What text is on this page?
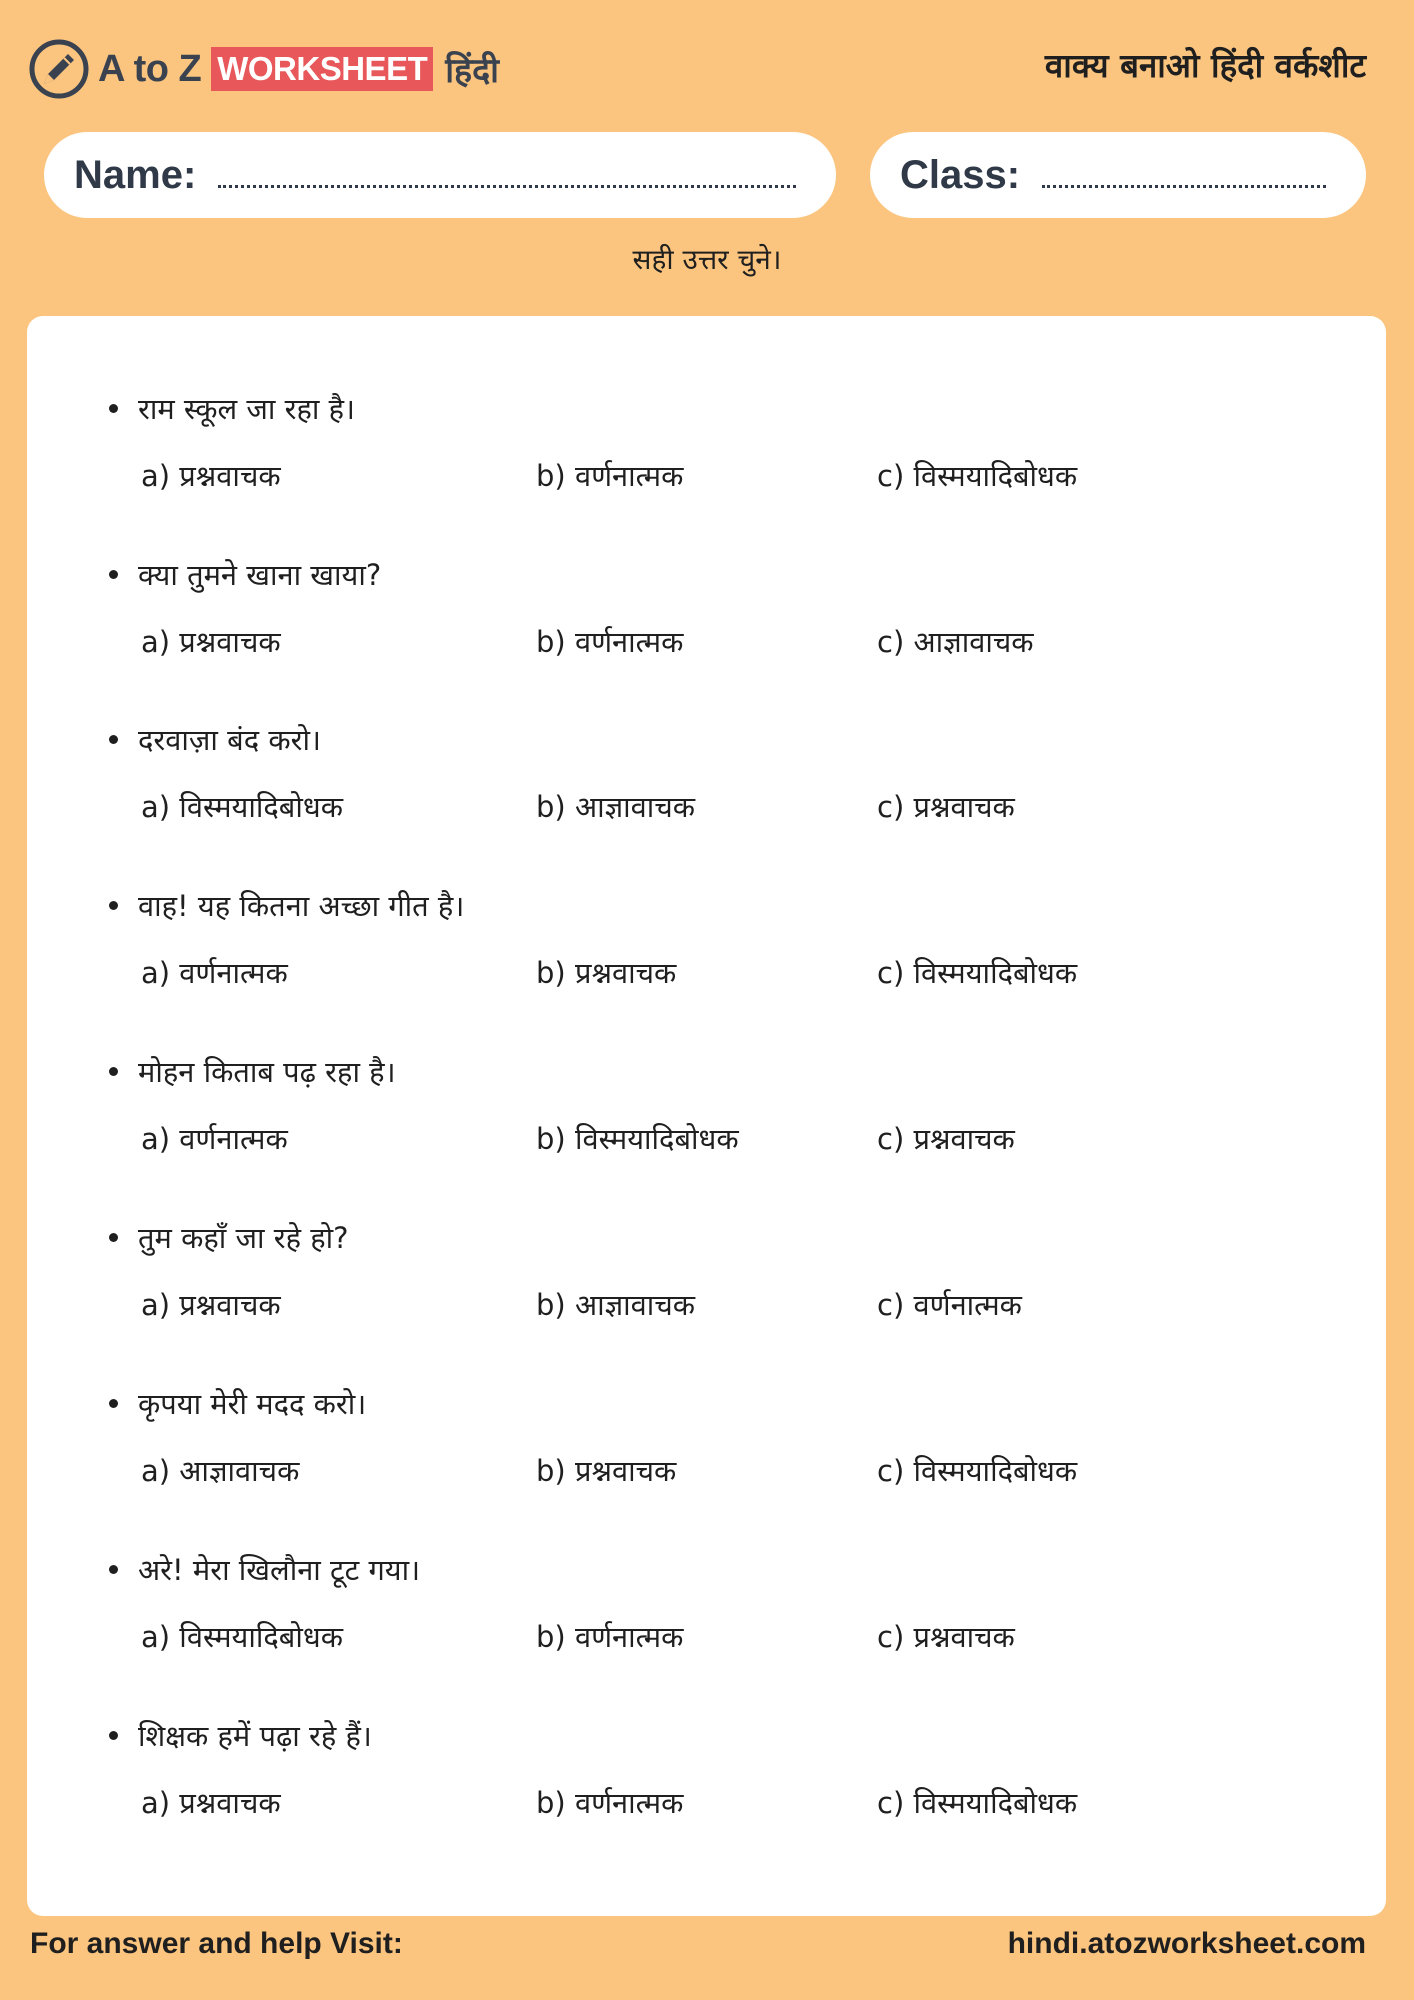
A to Z WORKSHEET हिंदी	वाक्य बनाओ हिंदी वर्कशीट
Name:	Class:
सही उत्तर चुने।
राम स्कूल जा रहा है।
a) प्रश्नवाचक	b) वर्णनात्मक	c) विस्मयादिबोधक
क्या तुमने खाना खाया?
a) प्रश्नवाचक	b) वर्णनात्मक	c) आज्ञावाचक
दरवाज़ा बंद करो।
a) विस्मयादिबोधक	b) आज्ञावाचक	c) प्रश्नवाचक
वाह! यह कितना अच्छा गीत है।
a) वर्णनात्मक	b) प्रश्नवाचक	c) विस्मयादिबोधक
मोहन किताब पढ़ रहा है।
a) वर्णनात्मक	b) विस्मयादिबोधक	c) प्रश्नवाचक
तुम कहाँ जा रहे हो?
a) प्रश्नवाचक	b) आज्ञावाचक	c) वर्णनात्मक
कृपया मेरी मदद करो।
a) आज्ञावाचक	b) प्रश्नवाचक	c) विस्मयादिबोधक
अरे! मेरा खिलौना टूट गया।
a) विस्मयादिबोधक	b) वर्णनात्मक	c) प्रश्नवाचक
शिक्षक हमें पढ़ा रहे हैं।
a) प्रश्नवाचक	b) वर्णनात्मक	c) विस्मयादिबोधक
For answer and help Visit:	hindi.atozworksheet.com
